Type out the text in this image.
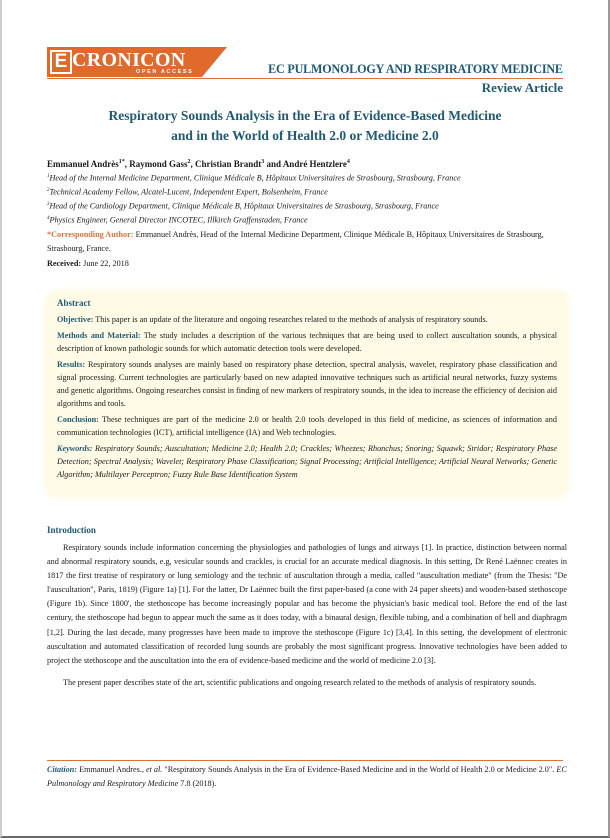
E CRONICON
OPEN ACCESS	EC PULMONOLOGY AND RESPIRATORY MEDICINE
Review Article
Respiratory Sounds Analysis in the Era of Evidence-Based Medicine
and in the World of Health 2.0 or Medicine 2.0
Emmanuel Andrès$^{1*}$, Raymond Gass$^2$, Christian Brandt$^3$ and André Hentzlere$^4$
$^1$Head of the Internal Medicine Department, Clinique Médicale B, Hôpitaux Universitaires de Strasbourg, Strasbourg, France
$^2$Technical Academy Fellow, Alcatel-Lucent, Independent Expert, Bolsenheim, France
$^3$Head of the Cardiology Department, Clinique Médicale B, Hôpitaux Universitaires de Strasbourg, Strasbourg, France
$^4$Physics Engineer, General Director INCOTEC, Illkirch Graffenstaden, France
*Corresponding Author: Emmanuel Andrès, Head of the Internal Medicine Department, Clinique Médicale B, Hôpitaux Universitaires de Strasbourg, Strasbourg, France.
Received: June 22, 2018
Abstract

Objective: This paper is an update of the literature and ongoing researches related to the methods of analysis of respiratory sounds.

Methods and Material: The study includes a description of the various techniques that are being used to collect auscultation sounds, a physical description of known pathologic sounds for which automatic detection tools were developed.

Results: Respiratory sounds analyses are mainly based on respiratory phase detection, spectral analysis, wavelet, respiratory phase classification and signal processing. Current technologies are particularly based on new adapted innovative techniques such as artificial neural networks, fuzzy systems and genetic algorithms. Ongoing researches consist in finding of new markers of respiratory sounds, in the idea to increase the efficiency of decision aid algorithms and tools.

Conclusion: These techniques are part of the medicine 2.0 or health 2.0 tools developed in this field of medicine, as sciences of information and communication technologies (ICT), artificial intelligence (IA) and Web technologies.

Keywords: Respiratory Sounds; Auscultation; Medicine 2.0; Health 2.0; Crackles; Wheezes; Rhonchus; Snoring; Squawk; Stridor; Respiratory Phase Detection; Spectral Analysis; Wavelet; Respiratory Phase Classification; Signal Processing; Artificial Intelligence; Artificial Neural Networks; Genetic Algorithm; Multilayer Perceptron; Fuzzy Rule Base Identification System

Introduction

Respiratory sounds include information concerning the physiologies and pathologies of lungs and airways [1]. In practice, distinction between normal and abnormal respiratory sounds, e.g, vesicular sounds and crackles, is crucial for an accurate medical diagnosis. In this setting, Dr René Laënnec creates in 1817 the first treatise of respiratory or lung semiology and the technic of auscultation through a media, called "auscultation mediate" (from the Thesis: "De l'auscultation", Paris, 1819) (Figure 1a) [1]. For the latter, Dr Laënnec built the first paper-based (a cone with 24 paper sheets) and wooden-based stethoscope (Figure 1b). Since 1800', the stethoscope has become increasingly popular and has become the physician's basic medical tool. Before the end of the last century, the stethoscope had begun to appear much the same as it does today, with a binaural design, flexible tubing, and a combination of bell and diaphragm [1,2]. During the last decade, many progresses have been made to improve the stethoscope (Figure 1c) [3,4]. In this setting, the development of electronic auscultation and automated classification of recorded lung sounds are probably the most significant progress. Innovative technologies have been added to project the stethoscope and the auscultation into the era of evidence-based medicine and the world of medicine 2.0 [3].

The present paper describes state of the art, scientific publications and ongoing research related to the methods of analysis of respiratory sounds.

Citation: Emmanuel Andres., et al. "Respiratory Sounds Analysis in the Era of Evidence-Based Medicine and in the World of Health 2.0 or Medicine 2.0". EC Pulmonology and Respiratory Medicine 7.8 (2018).
